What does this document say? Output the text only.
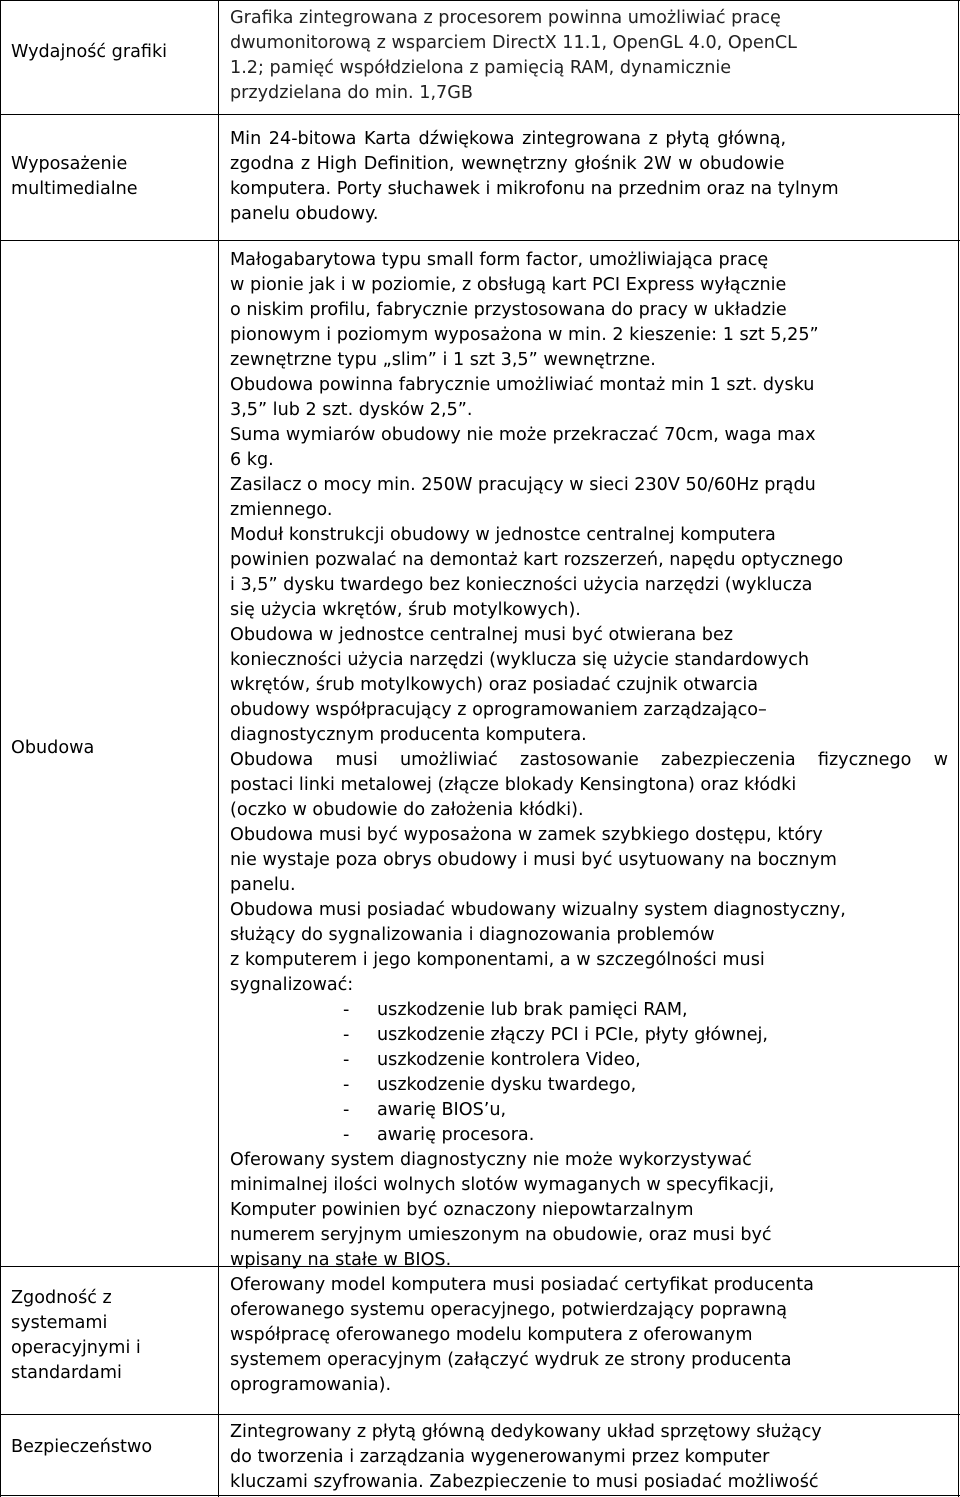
Wydajność grafiki
Grafika zintegrowana z procesorem powinna umożliwiać pracę
dwumonitorową z wsparciem DirectX 11.1, OpenGL 4.0, OpenCL
1.2; pamięć współdzielona z pamięcią RAM, dynamicznie
przydzielana do min. 1,7GB
Wyposażenie
multimedialne
Min 24-bitowa Karta dźwiękowa zintegrowana z płytą główną,
zgodna z High Definition, wewnętrzny głośnik 2W w obudowie
komputera. Porty słuchawek i mikrofonu na przednim oraz na tylnym
panelu obudowy.
Obudowa
Małogabarytowa typu small form factor, umożliwiająca pracę
w pionie jak i w poziomie, z obsługą kart PCI Express wyłącznie
o niskim profilu, fabrycznie przystosowana do pracy w układzie
pionowym i poziomym wyposażona w min. 2 kieszenie: 1 szt 5,25”
zewnętrzne typu „slim” i 1 szt 3,5” wewnętrzne.
Obudowa powinna fabrycznie umożliwiać montaż min 1 szt. dysku
3,5” lub 2 szt. dysków 2,5”.
Suma wymiarów obudowy nie może przekraczać 70cm, waga max
6 kg.
Zasilacz o mocy min. 250W pracujący w sieci 230V 50/60Hz prądu
zmiennego.
Moduł konstrukcji obudowy w jednostce centralnej komputera
powinien pozwalać na demontaż kart rozszerzeń, napędu optycznego
i 3,5” dysku twardego bez konieczności użycia narzędzi (wyklucza
się użycia wkrętów, śrub motylkowych).
Obudowa w jednostce centralnej musi być otwierana bez
konieczności użycia narzędzi (wyklucza się użycie standardowych
wkrętów, śrub motylkowych) oraz posiadać czujnik otwarcia
obudowy współpracujący z oprogramowaniem zarządzająco–
diagnostycznym producenta komputera.
Obudowa musi umożliwiać zastosowanie zabezpieczenia fizycznego w
postaci linki metalowej (złącze blokady Kensingtona) oraz kłódki
(oczko w obudowie do założenia kłódki).
Obudowa musi być wyposażona w zamek szybkiego dostępu, który
nie wystaje poza obrys obudowy i musi być usytuowany na bocznym
panelu.
Obudowa musi posiadać wbudowany wizualny system diagnostyczny,
służący do sygnalizowania i diagnozowania problemów
z komputerem i jego komponentami, a w szczególności musi
sygnalizować:
- uszkodzenie lub brak pamięci RAM,
- uszkodzenie złączy PCI i PCIe, płyty głównej,
- uszkodzenie kontrolera Video,
- uszkodzenie dysku twardego,
- awarię BIOS’u,
- awarię procesora.
Oferowany system diagnostyczny nie może wykorzystywać
minimalnej ilości wolnych slotów wymaganych w specyfikacji,
Komputer powinien być oznaczony niepowtarzalnym
numerem seryjnym umieszonym na obudowie, oraz musi być
wpisany na stałe w BIOS.
Zgodność z
systemami
operacyjnymi i
standardami
Oferowany model komputera musi posiadać certyfikat producenta
oferowanego systemu operacyjnego, potwierdzający poprawną
współpracę oferowanego modelu komputera z oferowanym
systemem operacyjnym (załączyć wydruk ze strony producenta
oprogramowania).
Bezpieczeństwo
Zintegrowany z płytą główną dedykowany układ sprzętowy służący
do tworzenia i zarządzania wygenerowanymi przez komputer
kluczami szyfrowania. Zabezpieczenie to musi posiadać możliwość
